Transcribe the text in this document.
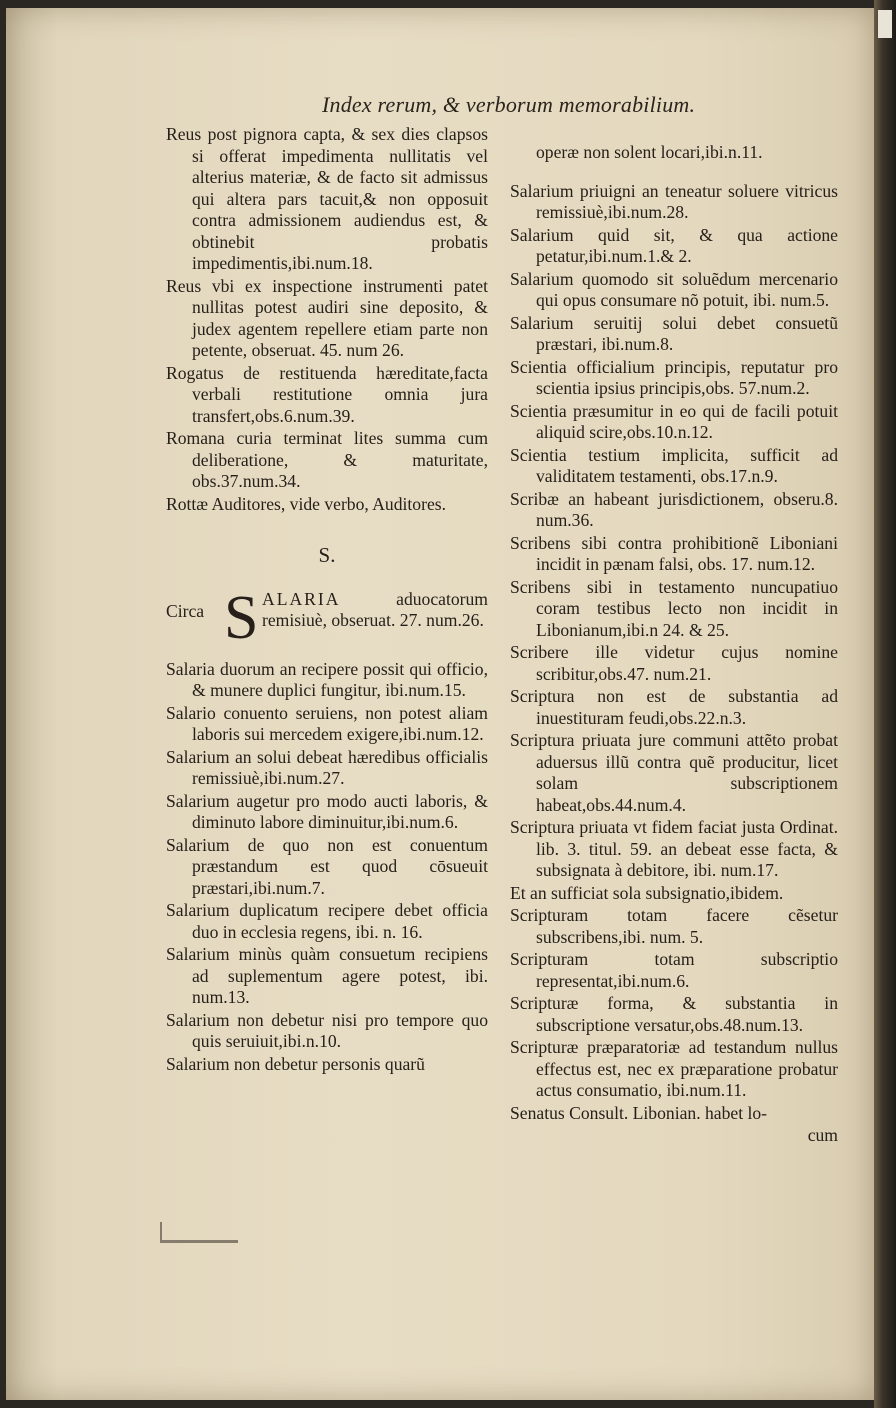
Index rerum, & verborum memorabilium.

Reus post pignora capta, & sex dies clapsos si offerat impedimenta nullitatis vel alterius materiæ, & de facto sit admissus qui altera pars tacuit,& non opposuit contra admissionem audiendus est, & obtinebit probatis impedimentis,ibi.num.18.

Reus vbi ex inspectione instrumenti patet nullitas potest audiri sine deposito, & judex agentem repellere etiam parte non petente, obseruat. 45. num 26.

Rogatus de restituenda hæreditate,facta verbali restitutione omnia jura transfert,obs.6.num.39.

Romana curia terminat lites summa cum deliberatione, & maturitate, obs.37.num.34.

Rottæ Auditores, vide verbo, Auditores.

S.
Circa S ALARIA aduocatorum remisiuè, obseruat. 27. num.26.

Salaria duorum an recipere possit qui officio, & munere duplici fungitur, ibi.num.15.

Salario conuento seruiens, non potest aliam laboris sui mercedem exigere,ibi.num.12.

Salarium an solui debeat hæredibus officialis remissiuè,ibi.num.27.

Salarium augetur pro modo aucti laboris, & diminuto labore diminuitur,ibi.num.6.

Salarium de quo non est conuentum præstandum est quod cōsueuit præstari,ibi.num.7.

Salarium duplicatum recipere debet officia duo in ecclesia regens, ibi. n. 16.

Salarium minùs quàm consuetum recipiens ad suplementum agere potest, ibi. num.13.

Salarium non debetur nisi pro tempore quo quis seruiuit,ibi.n.10.

Salarium non debetur personis quarũ

operæ non solent locari,ibi.n.11.

Salarium priuigni an teneatur soluere vitricus remissiuè,ibi.num.28.

Salarium quid sit, & qua actione petatur,ibi.num.1.& 2.

Salarium quomodo sit soluẽdum mercenario qui opus consumare nõ potuit, ibi. num.5.

Salarium seruitij solui debet consuetũ præstari, ibi.num.8.

Scientia officialium principis, reputatur pro scientia ipsius principis,obs. 57.num.2.

Scientia præsumitur in eo qui de facili potuit aliquid scire,obs.10.n.12.

Scientia testium implicita, sufficit ad validitatem testamenti, obs.17.n.9.

Scribæ an habeant jurisdictionem, obseru.8. num.36.

Scribens sibi contra prohibitionẽ Liboniani incidit in pænam falsi, obs. 17. num.12.

Scribens sibi in testamento nuncupatiuo coram testibus lecto non incidit in Libonianum,ibi.n 24. & 25.

Scribere ille videtur cujus nomine scribitur,obs.47. num.21.

Scriptura non est de substantia ad inuestituram feudi,obs.22.n.3.

Scriptura priuata jure communi attẽto probat aduersus illũ contra quẽ producitur, licet solam subscriptionem habeat,obs.44.num.4.

Scriptura priuata vt fidem faciat justa Ordinat. lib. 3. titul. 59. an debeat esse facta, & subsignata à debitore, ibi. num.17.

Et an sufficiat sola subsignatio,ibidem.

Scripturam totam facere cẽsetur subscribens,ibi. num. 5.

Scripturam totam subscriptio representat,ibi.num.6.

Scripturæ forma, & substantia in subscriptione versatur,obs.48.num.13.

Scripturæ præparatoriæ ad testandum nullus effectus est, nec ex præparatione probatur actus consumatio, ibi.num.11.

Senatus Consult. Libonian. habet lo-

cum
